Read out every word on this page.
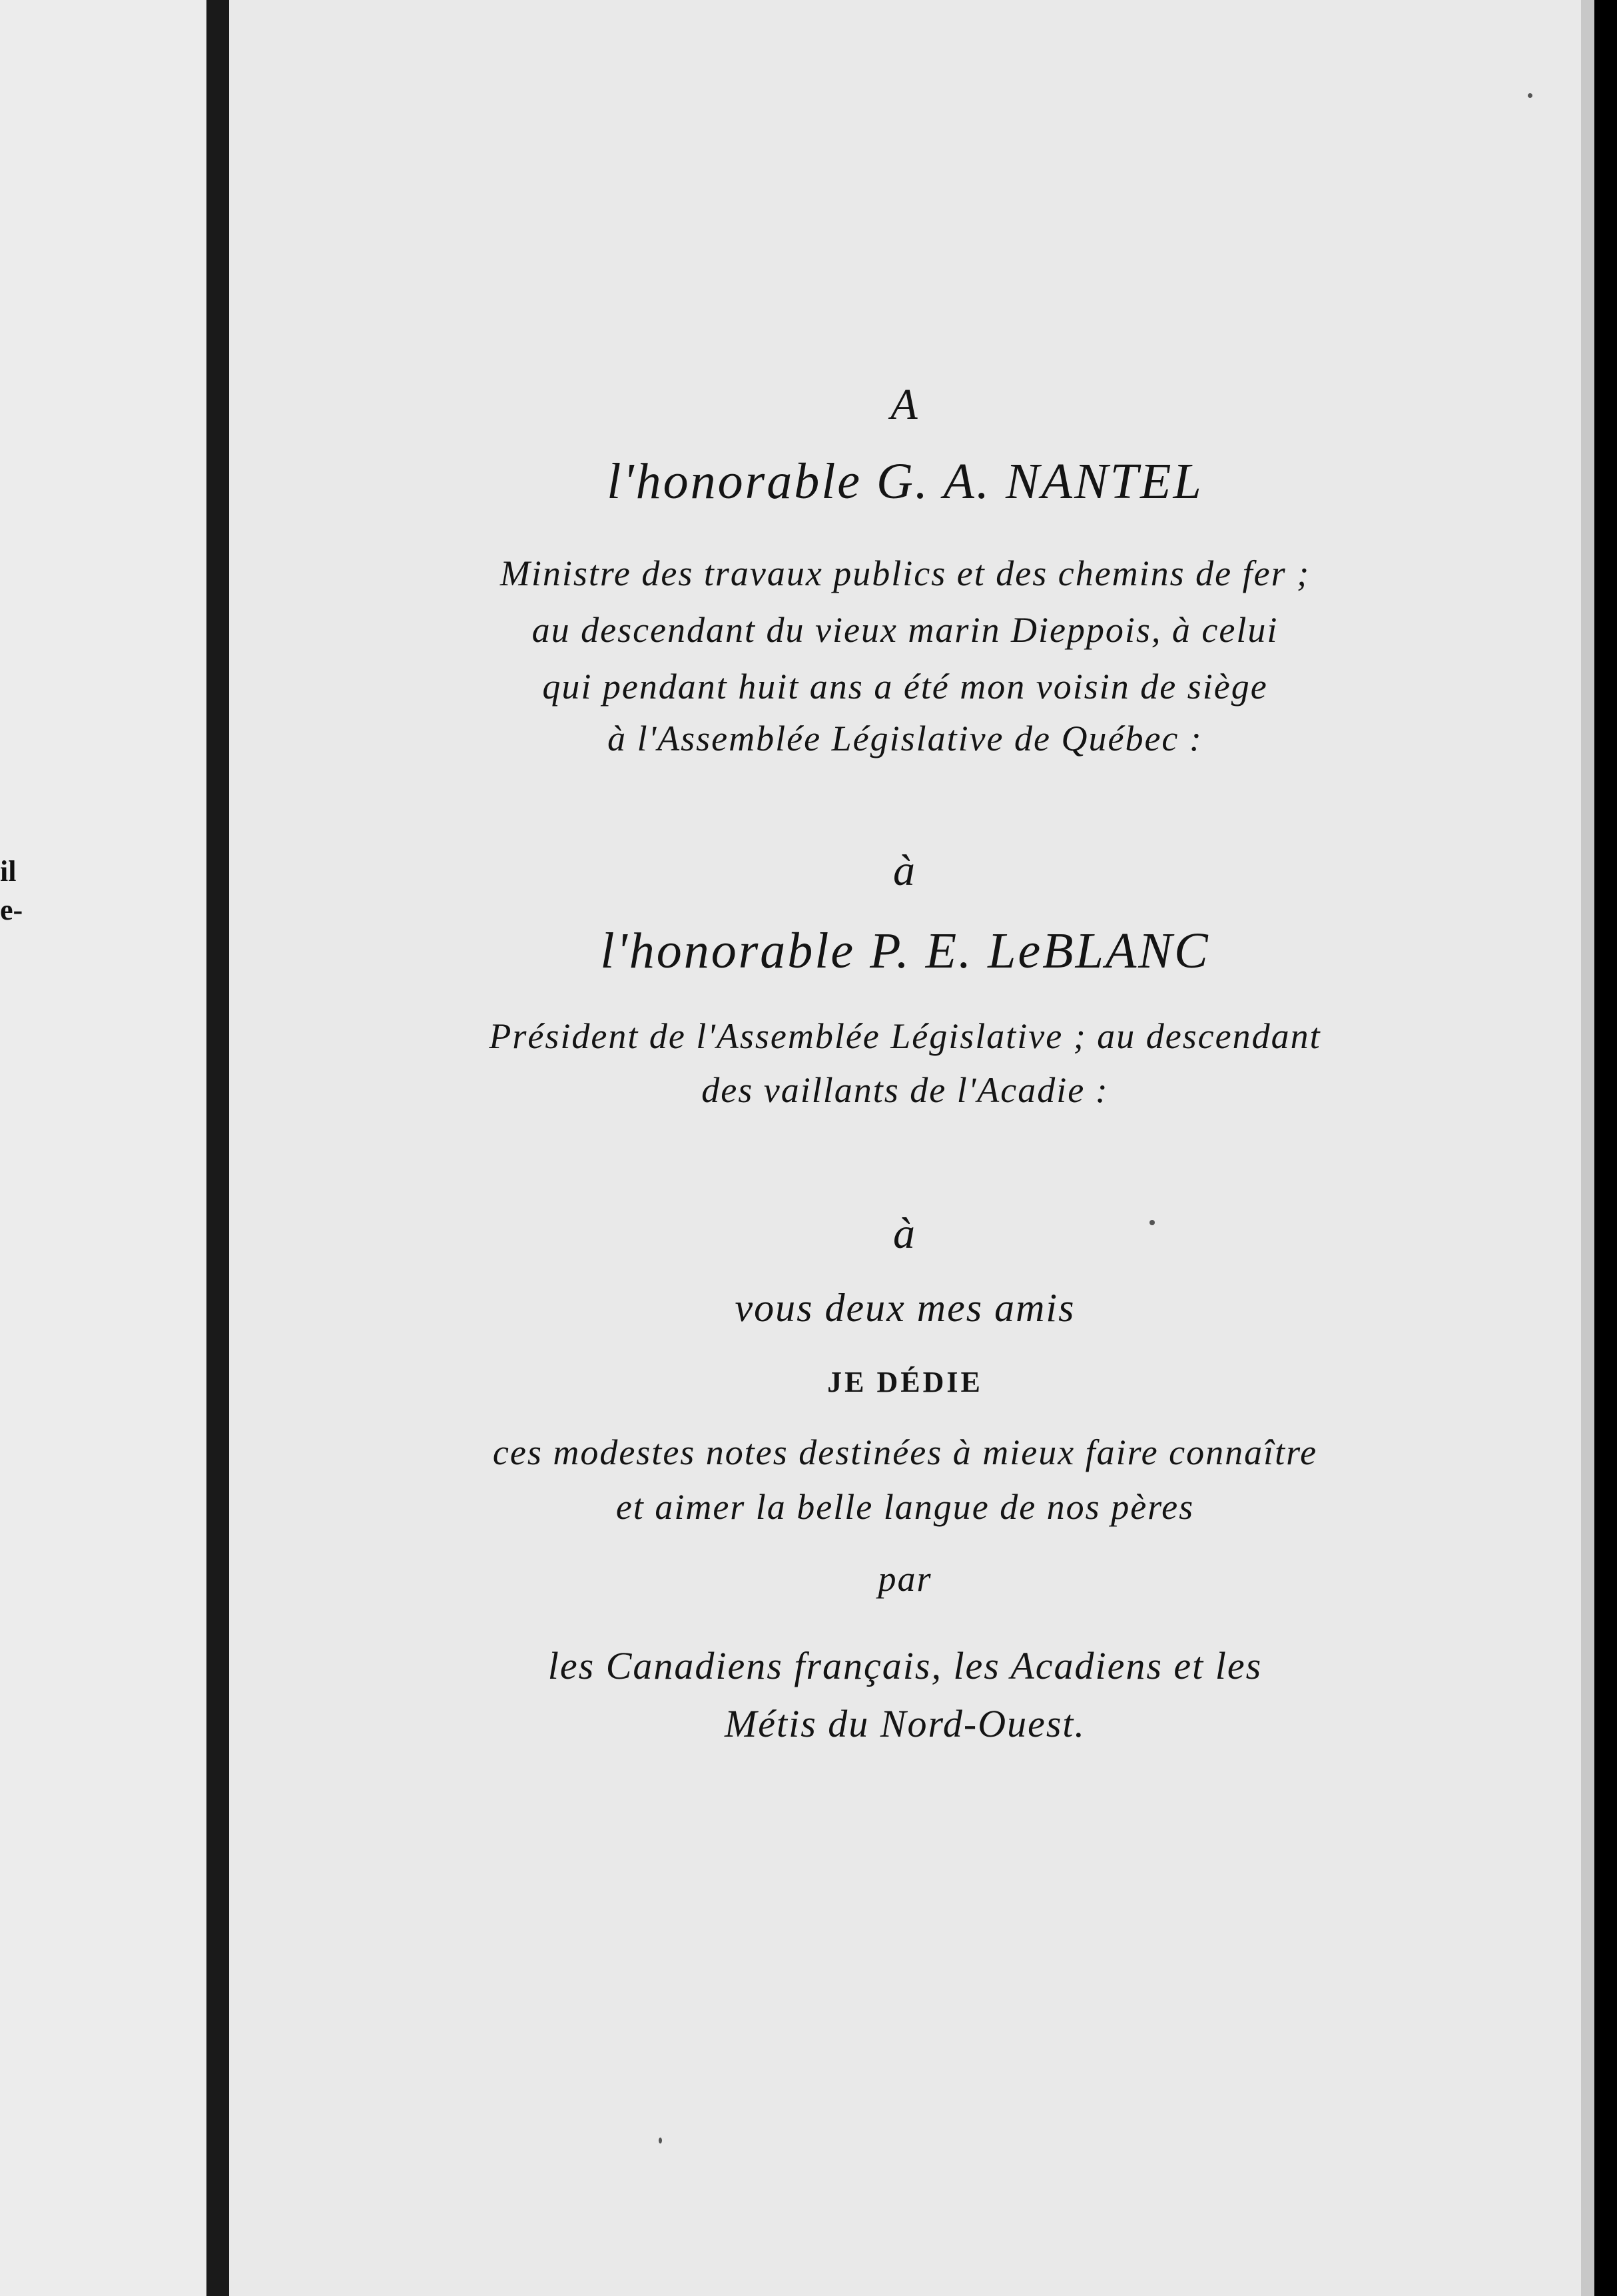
il
e-
A
l'honorable G. A. NANTEL
Ministre des travaux publics et des chemins de fer ;
au descendant du vieux marin Dieppois, à celui
qui pendant huit ans a été mon voisin de siège
à l'Assemblée Législative de Québec :
à
l'honorable P. E. LeBLANC
Président de l'Assemblée Législative ; au descendant
des vaillants de l'Acadie :
à
vous deux mes amis
JE DÉDIE
ces modestes notes destinées à mieux faire connaître
et aimer la belle langue de nos pères
par
les Canadiens français, les Acadiens et les
Métis du Nord-Ouest.
